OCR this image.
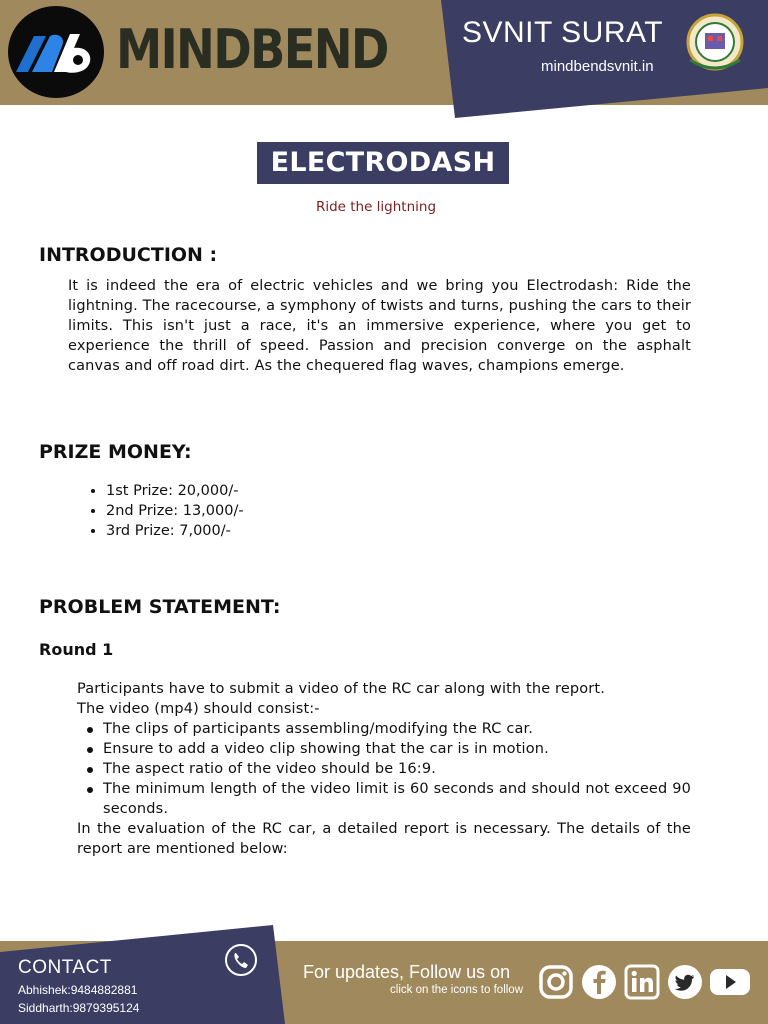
MINDBEND SVNIT SURAT
mindbendsvnit.in
ELECTRODASH
Ride the lightning
INTRODUCTION :
It is indeed the era of electric vehicles and we bring you Electrodash: Ride the lightning. The racecourse, a symphony of twists and turns, pushing the cars to their limits. This isn't just a race, it's an immersive experience, where you get to experience the thrill of speed. Passion and precision converge on the asphalt canvas and off road dirt. As the chequered flag waves, champions emerge.
PRIZE MONEY:
• 1st Prize: 20,000/-
• 2nd Prize: 13,000/-
• 3rd Prize: 7,000/-
PROBLEM STATEMENT:
Round 1
Participants have to submit a video of the RC car along with the report.
The video (mp4) should consist:-
The clips of participants assembling/modifying the RC car.
Ensure to add a video clip showing that the car is in motion.
The aspect ratio of the video should be 16:9.
The minimum length of the video limit is 60 seconds and should not exceed 90 seconds.
In the evaluation of the RC car, a detailed report is necessary. The details of the report are mentioned below:
CONTACT
Abhishek:9484882881
Siddharth:9879395124
For updates, Follow us on
click on the icons to follow
